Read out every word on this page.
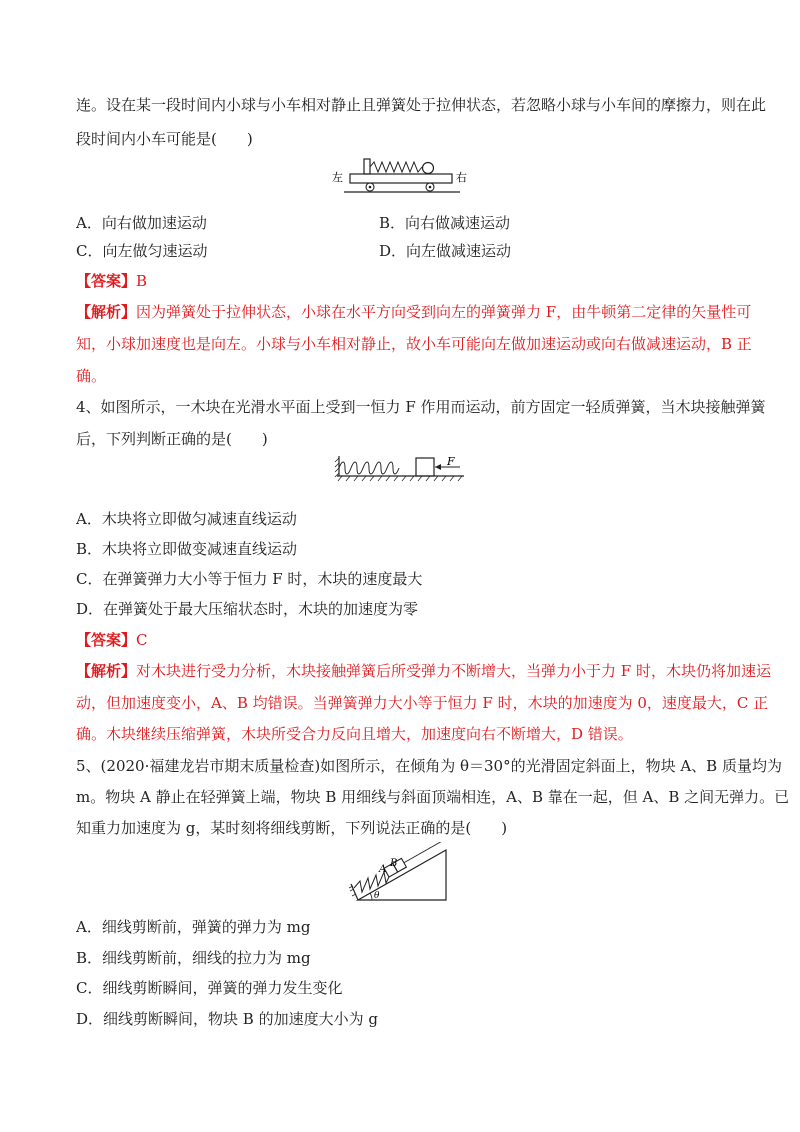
连。设在某一段时间内小球与小车相对静止且弹簧处于拉伸状态，若忽略小球与小车间的摩擦力，则在此
段时间内小车可能是(　　)
左	右
A．向右做加速运动	B．向右做减速运动
C．向左做匀速运动	D．向左做减速运动
【答案】B
【解析】因为弹簧处于拉伸状态，小球在水平方向受到向左的弹簧弹力 F，由牛顿第二定律的矢量性可
知，小球加速度也是向左。小球与小车相对静止，故小车可能向左做加速运动或向右做减速运动，B 正
确。
4、如图所示，一木块在光滑水平面上受到一恒力 F 作用而运动，前方固定一轻质弹簧，当木块接触弹簧
后，下列判断正确的是(　　)
F
A．木块将立即做匀减速直线运动
B．木块将立即做变减速直线运动
C．在弹簧弹力大小等于恒力 F 时，木块的速度最大
D．在弹簧处于最大压缩状态时，木块的加速度为零
【答案】C
【解析】对木块进行受力分析，木块接触弹簧后所受弹力不断增大，当弹力小于力 F 时，木块仍将加速运
动，但加速度变小，A、B 均错误。当弹簧弹力大小等于恒力 F 时，木块的加速度为 0，速度最大，C 正
确。木块继续压缩弹簧，木块所受合力反向且增大，加速度向右不断增大，D 错误。
5、(2020·福建龙岩市期末质量检查)如图所示，在倾角为 θ＝30°的光滑固定斜面上，物块 A、B 质量均为
m。物块 A 静止在轻弹簧上端，物块 B 用细线与斜面顶端相连，A、B 靠在一起，但 A、B 之间无弹力。已
知重力加速度为 g，某时刻将细线剪断，下列说法正确的是(　　)
A
B
θ
A．细线剪断前，弹簧的弹力为 mg
B．细线剪断前，细线的拉力为 mg
C．细线剪断瞬间，弹簧的弹力发生变化
D．细线剪断瞬间，物块 B 的加速度大小为 g
